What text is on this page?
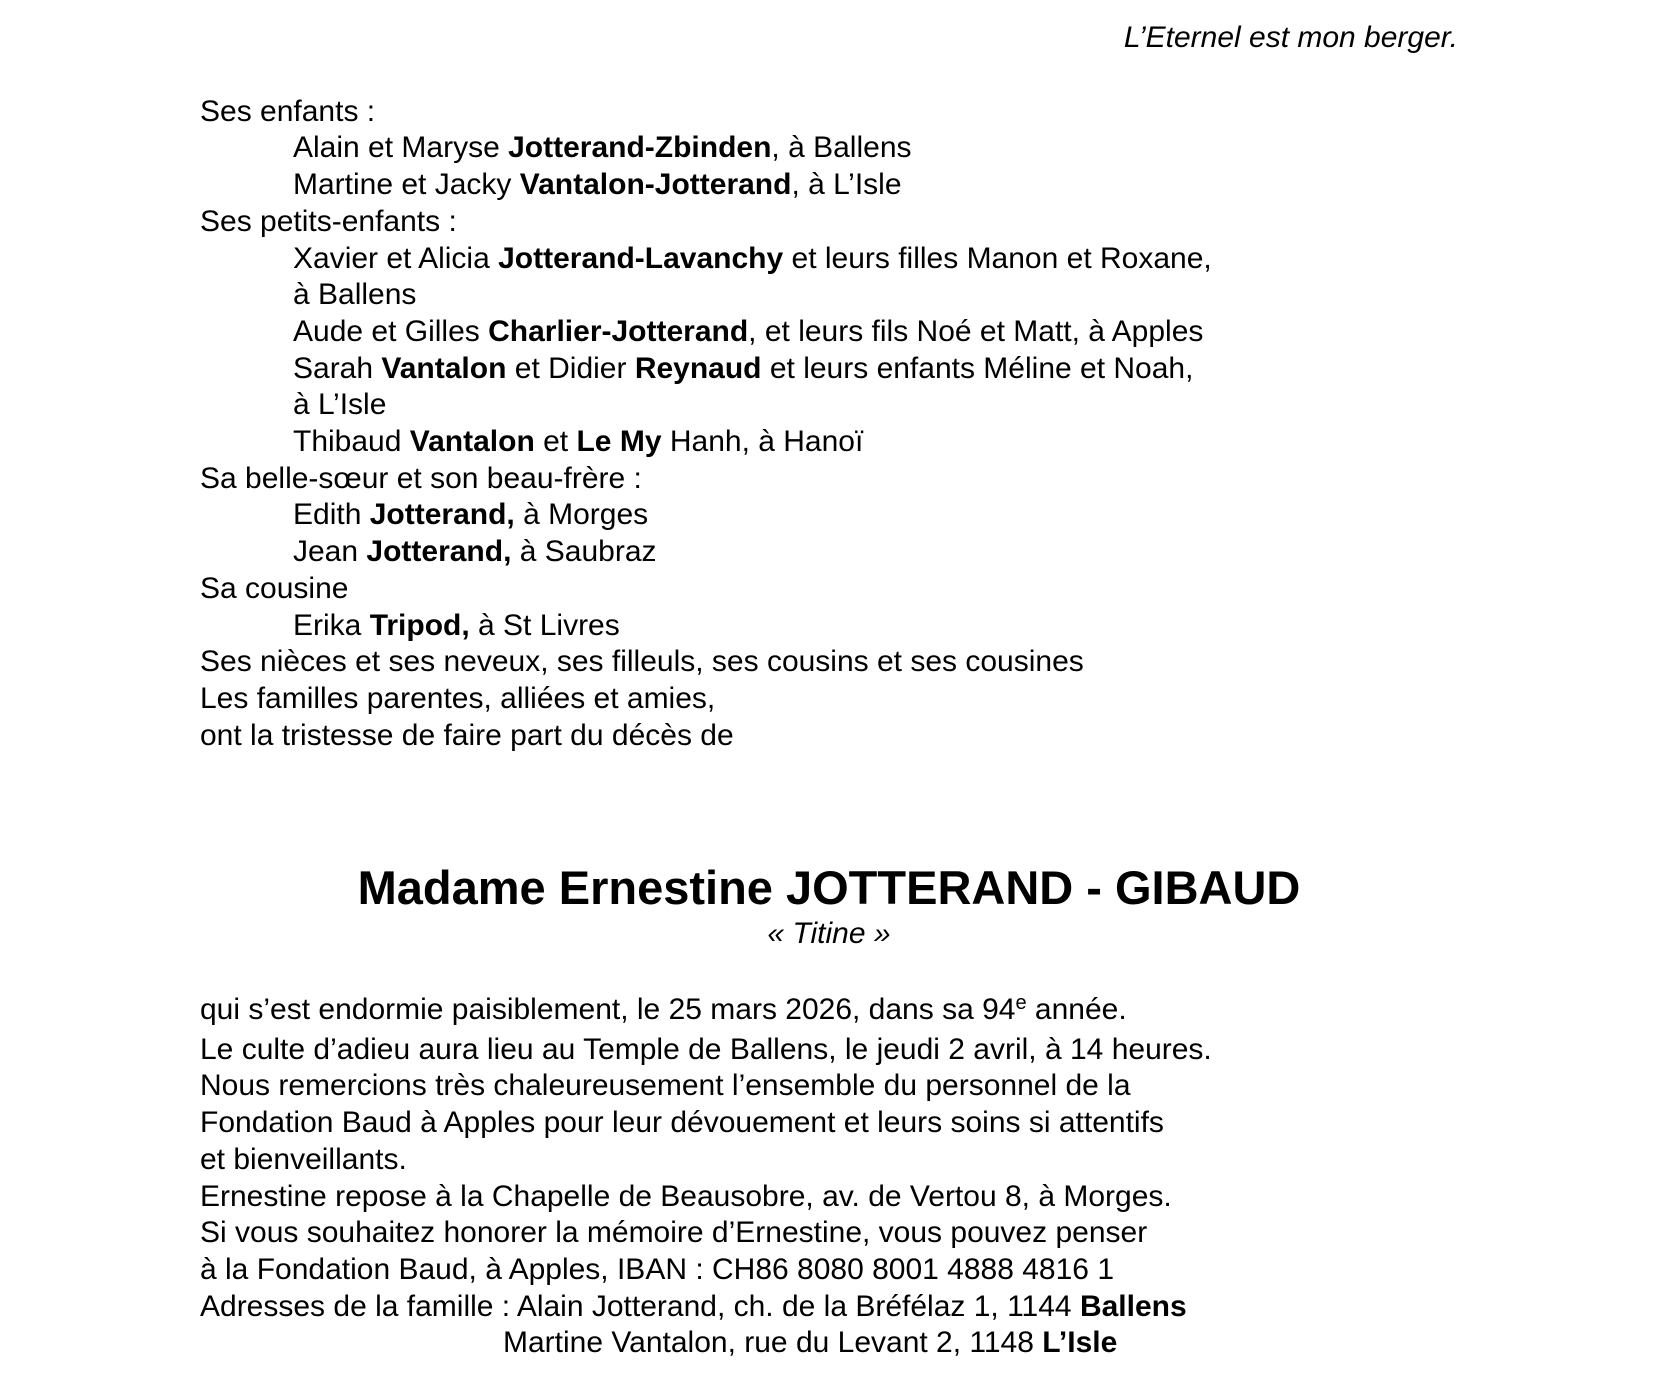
L’Eternel est mon berger.
Ses enfants :
Alain et Maryse Jotterand-Zbinden, à Ballens
Martine et Jacky Vantalon-Jotterand, à L’Isle
Ses petits-enfants :
Xavier et Alicia Jotterand-Lavanchy et leurs filles Manon et Roxane,
à Ballens
Aude et Gilles Charlier-Jotterand, et leurs fils Noé et Matt, à Apples
Sarah Vantalon et Didier Reynaud et leurs enfants Méline et Noah,
à L’Isle
Thibaud Vantalon et Le My Hanh, à Hanoï
Sa belle-sœur et son beau-frère :
Edith Jotterand, à Morges
Jean Jotterand, à Saubraz
Sa cousine
Erika Tripod, à St Livres
Ses nièces et ses neveux, ses filleuls, ses cousins et ses cousines
Les familles parentes, alliées et amies,
ont la tristesse de faire part du décès de
Madame Ernestine JOTTERAND - GIBAUD
« Titine »
qui s’est endormie paisiblement, le 25 mars 2026, dans sa 94e année.
Le culte d’adieu aura lieu au Temple de Ballens, le jeudi 2 avril, à 14 heures.
Nous remercions très chaleureusement l’ensemble du personnel de la
Fondation Baud à Apples pour leur dévouement et leurs soins si attentifs
et bienveillants.
Ernestine repose à la Chapelle de Beausobre, av. de Vertou 8, à Morges.
Si vous souhaitez honorer la mémoire d’Ernestine, vous pouvez penser
à la Fondation Baud, à Apples, IBAN : CH86 8080 8001 4888 4816 1
Adresses de la famille : Alain Jotterand, ch. de la Bréfélaz 1, 1144 Ballens
Martine Vantalon, rue du Levant 2, 1148 L’Isle
